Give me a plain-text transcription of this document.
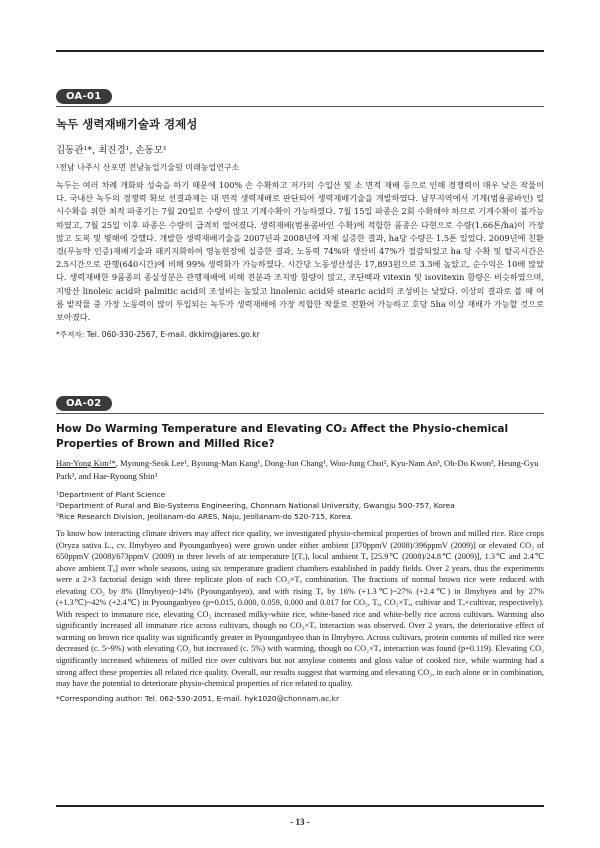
OA-01
녹두 생력재배기술과 경제성
김동관¹*, 최진경¹, 손동모¹
¹전남 나주시 산포면 전남농업기술원 미래농업연구소
녹두는 여러 차례 개화와 성숙을 하기 때문에 100% 손 수확하고 저가의 수입산 및 소 면적 재배 등으로 인해 경쟁력이 매우 낮은 작물이다. 국내산 녹두의 경쟁력 확보 선결과제는 대 면적 생력재배로 판단되어 생력재배기술을 개발하였다. 남부지역에서 기계(범용콤바인) 일시수확을 위한 최적 파종기는 7월 20일로 수량이 많고 기계수확이 가능하였다. 7월 15일 파종은 2회 수확해야 하므로 기계수확이 불가능하였고, 7월 25일 이후 파종은 수량이 급격히 떨어졌다. 생력재배(범용콤바인 수확)에 적합한 품종은 다현으로 수량(1.66톤/ha)이 가장 많고 도복 및 병해에 강했다. 개발한 생력재배기술을 2007년과 2008년에 자체 실증한 결과, ha당 수량은 1.5톤 있었다. 2009년에 친환경(무농약 인증)재배기술과 패키지화하여 영농현장에 실증한 결과, 노동력 74%와 생산비 47%가 절감되었고 ha 당 수확 및 탈곡시간은 2.5시간으로 관행(640시간)에 비해 99% 생력화가 가능하였다. 시간당 노동생산성은 17,893원으로 3.3배 높았고, 순수익은 10배 많았다. 생력재배한 9품종의 종실성분은 관행재배에 비해 전분과 조지방 함량이 많고, 조단백과 vitexin 및 isovitexin 함량은 비슷하였으며, 지방산 linoleic acid와 palmitic acid의 조성비는 높았고 linolenic acid와 stearic acid의 조성비는 낮았다. 이상의 결과로 볼 때 여름 밭작물 중 가장 노동력이 많이 투입되는 녹두가 생력재배에 가장 적합한 작물로 전환어 가능하고 호당 5ha 이상 재배가 가능할 것으로 보아졌다.
*주저자: Tel. 060-330-2567, E-mail. dkkim@jares.go.kr
OA-02
How Do Warming Temperature and Elevating CO₂ Affect the Physio-chemical Properties of Brown and Milled Rice?
Han-Yong Kim¹*, Myoung-Seok Lee¹, Byoung-Man Kang¹, Dong-Jun Chang¹, Woo-Jung Choi², Kyu-Nam An³, Oh-Do Kwon³, Heung-Gyu Park³, and Hae-Ryoung Shin³
¹Department of Plant Science
²Department of Rural and Bio-Systems Engineering, Chonnam National University, Gwangju 500-757, Korea
³Rice Research Division, Jeollanam-do ARES, Naju, Jeollanam-do 520-715, Korea.
To know how interacting climate drivers may affect rice quality, we investigated physio-chemical properties of brown and milled rice. Rice crops (Oryza sativa L., cv. Ilmybyeo and Pyounganbyeo) were grown under either ambient [370ppmV (2008)/396ppmV (2009)] or elevated CO₂ of 650ppmV (2008)/673ppmV (2009) in three levels of air temperature [(Tₐ), local ambient Tₐ [25.9℃ (2008)/24.8℃ (2009)], 1.3℃ and 2.4℃ above ambient Tₐ] over whole seasons, using six temperature gradient chambers established in paddy fields. Over 2 years, thus the experiments were a 2×3 factorial design with three replicate plots of each CO₂×Tₐ combination. The fractions of normal brown rice were reduced with elevating CO₂ by 8% (Ilmybyeo)~14% (Pyounganbyeo), and with rising Tₐ by 16% (+1.3℃)~27% (+2.4℃) in Ilmybyeo and by 27% (+1.3℃)~42% (+2.4℃) in Pyounganbyeo (p=0.015, 0.000, 0.059, 0.000 and 0.017 for CO₂, Tₐ, CO₂×Tₐ, cultivar and Tₐ×cultivar, respectively). With respect to immature rice, elevating CO₂ increased milky-white rice, white-based rice and white-belly rice across cultivars. Warming also significantly increased all immature rice across cultivars, though no CO₂×Tₐ interaction was observed. Over 2 years, the deteriorative effect of warming on brown rice quality was significantly greater in Pyounganbyeo than in Ilmybyeo. Across cultivars, protein contents of milled rice were decreased (c. 5~9%) with elevating CO₂ but increased (c. 5%) with warming, though no CO₂×Tₐ interaction was found (p=0.119). Elevating CO₂ significantly increased whiteness of milled rice over cultivars but not amylose contents and gloss value of cooked rice, while warming had a strong affect these properties all related rice quality. Overall, our results suggest that warming and elevating CO₂, in each alone or in combination, may have the potential to deteriorate physio-chemical properties of rice related to quality.
*Corresponding author: Tel. 062-530-2051, E-mail. hyk1020@chonnam.ac.kr
- 13 -
